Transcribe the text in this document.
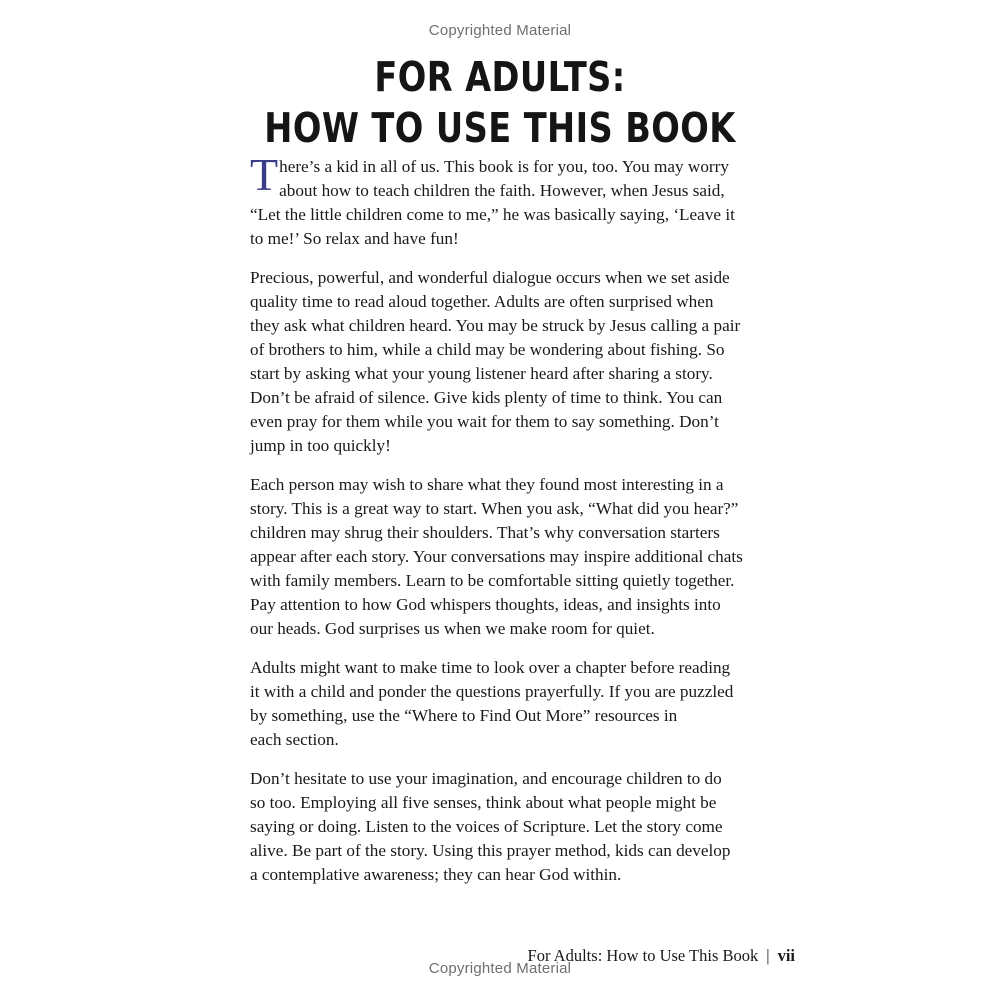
Copyrighted Material
FOR ADULTS:
HOW TO USE THIS BOOK

T here’s a kid in all of us. This book is for you, too. You may worry
about how to teach children the faith. However, when Jesus said,
“Let the little children come to me,” he was basically saying, ‘Leave it
to me!’ So relax and have fun!

Precious, powerful, and wonderful dialogue occurs when we set aside
quality time to read aloud together. Adults are often surprised when
they ask what children heard. You may be struck by Jesus calling a pair
of brothers to him, while a child may be wondering about fishing. So
start by asking what your young listener heard after sharing a story.
Don’t be afraid of silence. Give kids plenty of time to think. You can
even pray for them while you wait for them to say something. Don’t
jump in too quickly!

Each person may wish to share what they found most interesting in a
story. This is a great way to start. When you ask, “What did you hear?”
children may shrug their shoulders. That’s why conversation starters
appear after each story. Your conversations may inspire additional chats
with family members. Learn to be comfortable sitting quietly together.
Pay attention to how God whispers thoughts, ideas, and insights into
our heads. God surprises us when we make room for quiet.

Adults might want to make time to look over a chapter before reading
it with a child and ponder the questions prayerfully. If you are puzzled
by something, use the “Where to Find Out More” resources in
each section.

Don’t hesitate to use your imagination, and encourage children to do
so too. Employing all five senses, think about what people might be
saying or doing. Listen to the voices of Scripture. Let the story come
alive. Be part of the story. Using this prayer method, kids can develop
a contemplative awareness; they can hear God within.

For Adults: How to Use This Book | vii
Copyrighted Material
